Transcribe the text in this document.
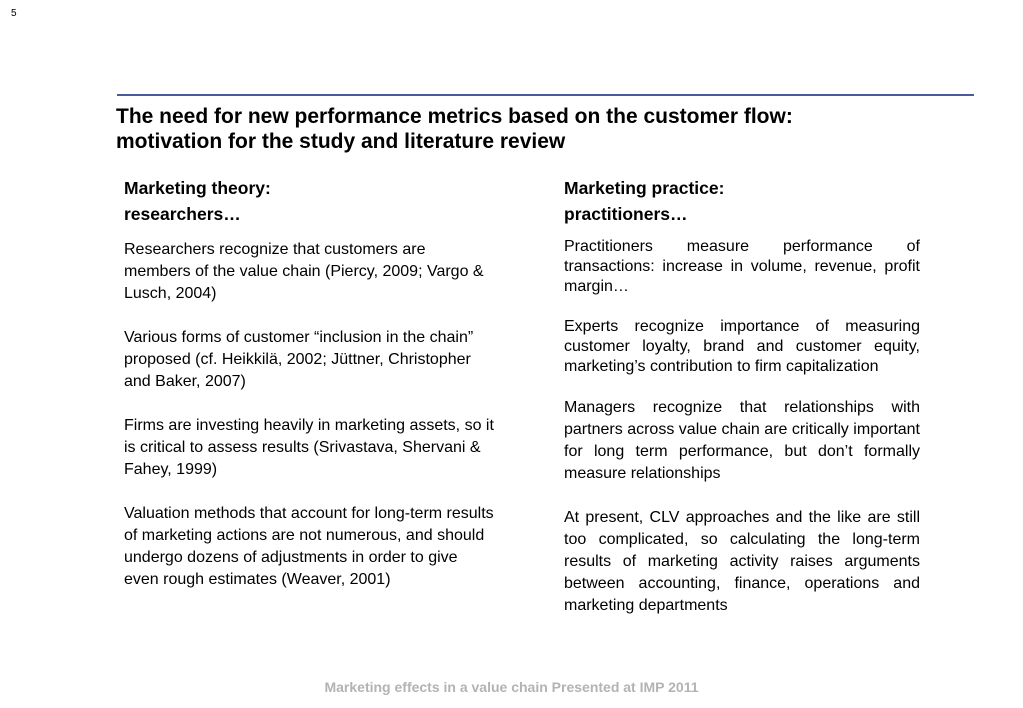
5
The need for new performance metrics based on the customer flow:
motivation for the study and literature review
Marketing theory:
researchers…
Researchers recognize that customers are members of the value chain (Piercy, 2009; Vargo & Lusch, 2004)
Various forms of customer “inclusion in the chain” proposed (cf. Heikkilä, 2002; Jüttner, Christopher and Baker, 2007)
Firms are investing heavily in marketing assets, so it is critical to assess results (Srivastava, Shervani & Fahey, 1999)
Valuation methods that account for long-term results of marketing actions are not numerous, and should undergo dozens of adjustments in order to give even rough estimates (Weaver, 2001)
Marketing practice:
practitioners…
Practitioners measure performance of transactions: increase in volume, revenue, profit margin…
Experts recognize importance of measuring customer loyalty, brand and customer equity, marketing’s contribution to firm capitalization
Managers recognize that relationships with partners across value chain are critically important for long term performance, but don’t formally measure relationships
At present, CLV approaches and the like are still too complicated, so calculating the long-term results of marketing activity raises arguments between accounting, finance, operations and marketing departments
Marketing effects in a value chain Presented at IMP 2011
